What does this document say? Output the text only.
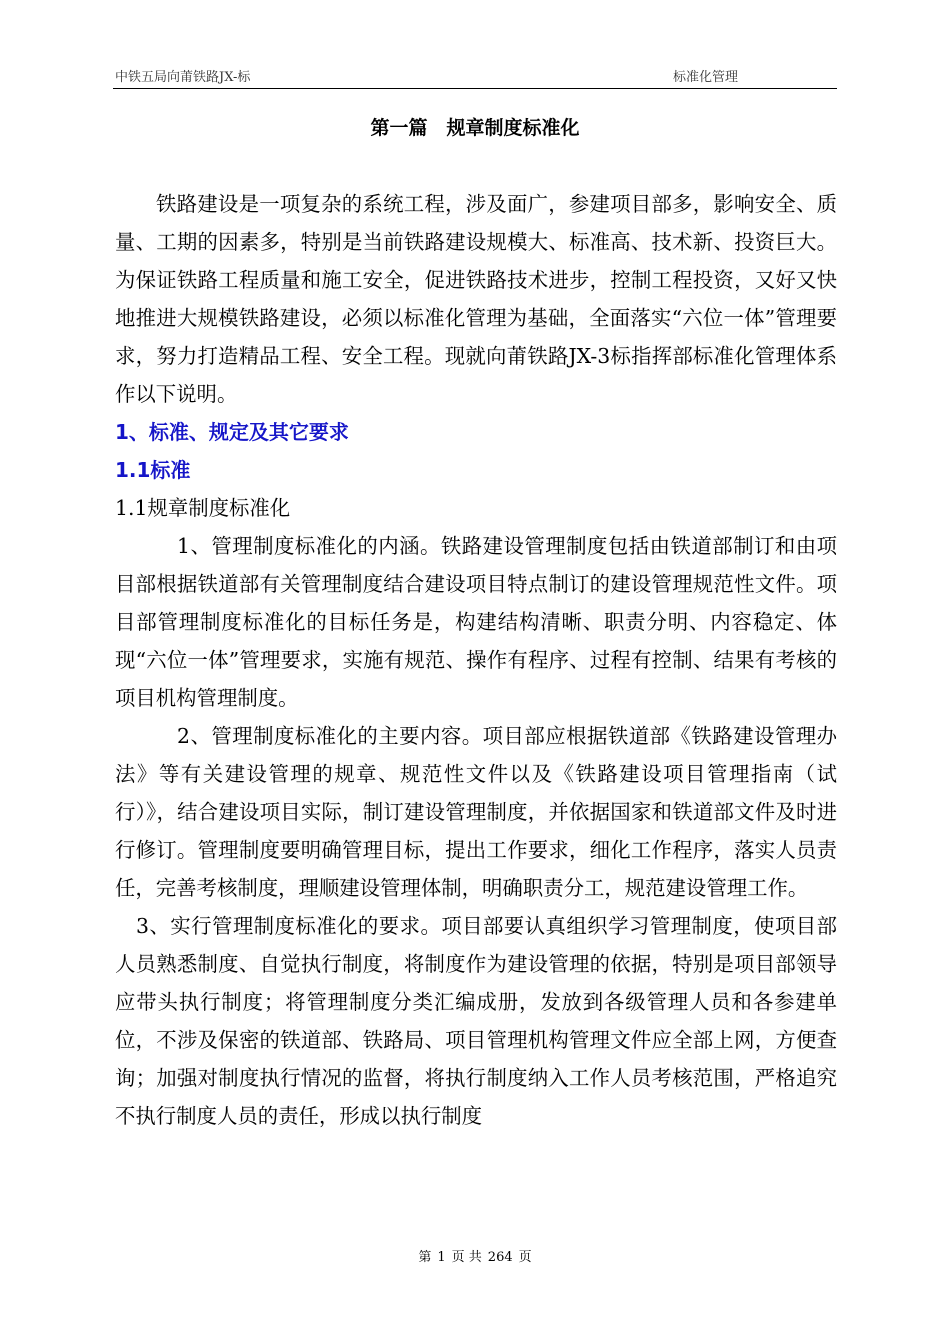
中铁五局向莆铁路JX-标	标准化管理
第一篇　规章制度标准化

铁路建设是一项复杂的系统工程，涉及面广，参建项目部多，影响安全、质量、工期的因素多，特别是当前铁路建设规模大、标准高、技术新、投资巨大。为保证铁路工程质量和施工安全，促进铁路技术进步，控制工程投资，又好又快地推进大规模铁路建设，必须以标准化管理为基础，全面落实“六位一体”管理要求，努力打造精品工程、安全工程。现就向莆铁路JX-3标指挥部标准化管理体系作以下说明。

1、标准、规定及其它要求

1.1标准

1.1规章制度标准化

1、管理制度标准化的内涵。铁路建设管理制度包括由铁道部制订和由项目部根据铁道部有关管理制度结合建设项目特点制订的建设管理规范性文件。项目部管理制度标准化的目标任务是，构建结构清晰、职责分明、内容稳定、体现“六位一体”管理要求，实施有规范、操作有程序、过程有控制、结果有考核的项目机构管理制度。

2、管理制度标准化的主要内容。项目部应根据铁道部《铁路建设管理办法》等有关建设管理的规章、规范性文件以及《铁路建设项目管理指南（试行）》，结合建设项目实际，制订建设管理制度，并依据国家和铁道部文件及时进行修订。管理制度要明确管理目标，提出工作要求，细化工作程序，落实人员责任，完善考核制度，理顺建设管理体制，明确职责分工，规范建设管理工作。

3、实行管理制度标准化的要求。项目部要认真组织学习管理制度，使项目部人员熟悉制度、自觉执行制度，将制度作为建设管理的依据，特别是项目部领导应带头执行制度；将管理制度分类汇编成册，发放到各级管理人员和各参建单位，不涉及保密的铁道部、铁路局、项目管理机构管理文件应全部上网，方便查询；加强对制度执行情况的监督，将执行制度纳入工作人员考核范围，严格追究不执行制度人员的责任，形成以执行制度

第 1 页 共 264 页
